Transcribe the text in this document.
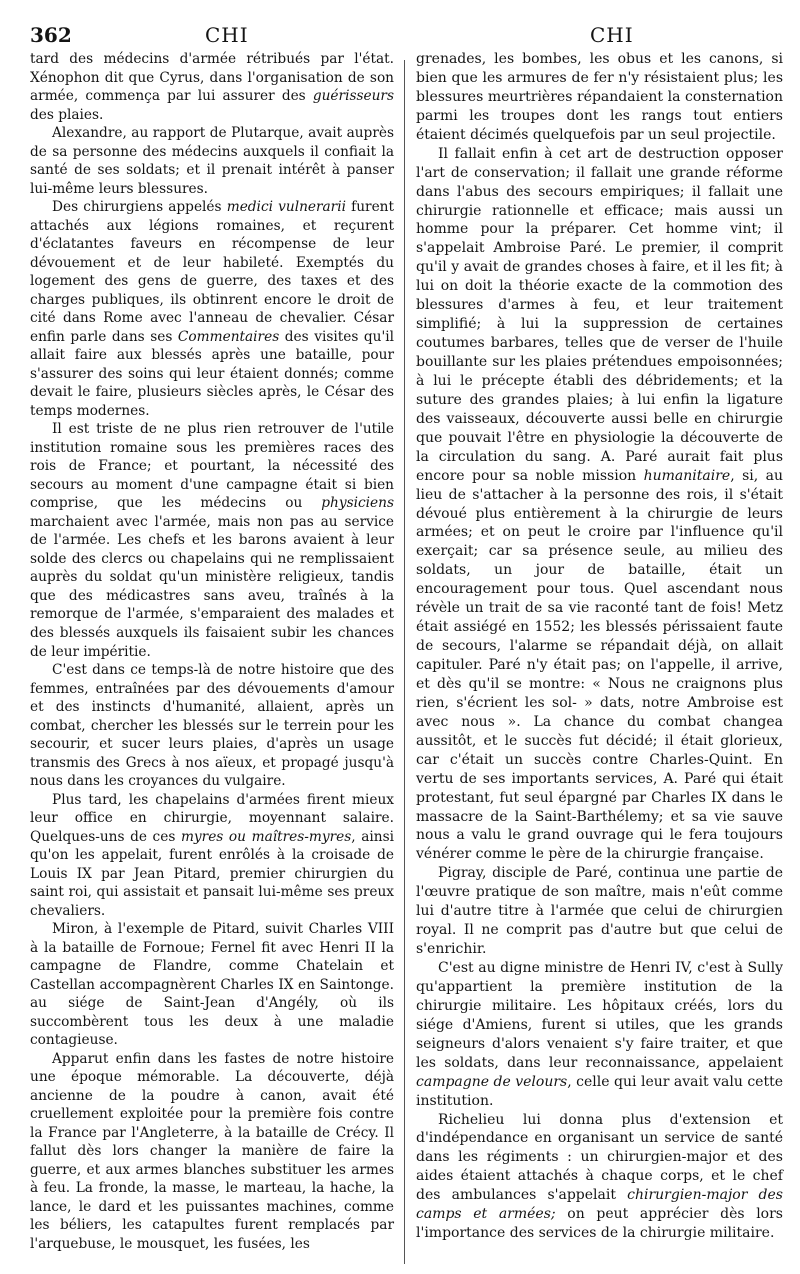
362	CHI	CHI

tard des médecins d'armée rétribués par l'état. Xénophon dit que Cyrus, dans l'organisation de son armée, commença par lui assurer des guérisseurs des plaies.

Alexandre, au rapport de Plutarque, avait auprès de sa personne des médecins auxquels il confiait la santé de ses soldats; et il prenait intérêt à panser lui-même leurs blessures.

Des chirurgiens appelés medici vulnerarii furent attachés aux légions romaines, et reçurent d'éclatantes faveurs en récompense de leur dévouement et de leur habileté. Exemptés du logement des gens de guerre, des taxes et des charges publiques, ils obtinrent encore le droit de cité dans Rome avec l'anneau de chevalier. César enfin parle dans ses Commentaires des visites qu'il allait faire aux blessés après une bataille, pour s'assurer des soins qui leur étaient donnés; comme devait le faire, plusieurs siècles après, le César des temps modernes.

Il est triste de ne plus rien retrouver de l'utile institution romaine sous les premières races des rois de France; et pourtant, la nécessité des secours au moment d'une campagne était si bien comprise, que les médecins ou physiciens marchaient avec l'armée, mais non pas au service de l'armée. Les chefs et les barons avaient à leur solde des clercs ou chapelains qui ne remplissaient auprès du soldat qu'un ministère religieux, tandis que des médicastres sans aveu, traînés à la remorque de l'armée, s'emparaient des malades et des blessés auxquels ils faisaient subir les chances de leur impéritie.

C'est dans ce temps-là de notre histoire que des femmes, entraînées par des dévouements d'amour et des instincts d'humanité, allaient, après un combat, chercher les blessés sur le terrein pour les secourir, et sucer leurs plaies, d'après un usage transmis des Grecs à nos aïeux, et propagé jusqu'à nous dans les croyances du vulgaire.

Plus tard, les chapelains d'armées firent mieux leur office en chirurgie, moyennant salaire. Quelques-uns de ces myres ou maîtres-myres, ainsi qu'on les appelait, furent enrôlés à la croisade de Louis IX par Jean Pitard, premier chirurgien du saint roi, qui assistait et pansait lui-même ses preux chevaliers.

Miron, à l'exemple de Pitard, suivit Charles VIII à la bataille de Fornoue; Fernel fit avec Henri II la campagne de Flandre, comme Chatelain et Castellan accompagnèrent Charles IX en Saintonge. au siége de Saint-Jean d'Angély, où ils succombèrent tous les deux à une maladie contagieuse.

Apparut enfin dans les fastes de notre histoire une époque mémorable. La découverte, déjà ancienne de la poudre à canon, avait été cruellement exploitée pour la première fois contre la France par l'Angleterre, à la bataille de Crécy. Il fallut dès lors changer la manière de faire la guerre, et aux armes blanches substituer les armes à feu. La fronde, la masse, le marteau, la hache, la lance, le dard et les puissantes machines, comme les béliers, les catapultes furent remplacés par l'arquebuse, le mousquet, les fusées, les

grenades, les bombes, les obus et les canons, si bien que les armures de fer n'y résistaient plus; les blessures meurtrières répandaient la consternation parmi les troupes dont les rangs tout entiers étaient décimés quelquefois par un seul projectile.

Il fallait enfin à cet art de destruction opposer l'art de conservation; il fallait une grande réforme dans l'abus des secours empiriques; il fallait une chirurgie rationnelle et efficace; mais aussi un homme pour la préparer. Cet homme vint; il s'appelait Ambroise Paré. Le premier, il comprit qu'il y avait de grandes choses à faire, et il les fit; à lui on doit la théorie exacte de la commotion des blessures d'armes à feu, et leur traitement simplifié; à lui la suppression de certaines coutumes barbares, telles que de verser de l'huile bouillante sur les plaies prétendues empoisonnées; à lui le précepte établi des débridements; et la suture des grandes plaies; à lui enfin la ligature des vaisseaux, découverte aussi belle en chirurgie que pouvait l'être en physiologie la découverte de la circulation du sang. A. Paré aurait fait plus encore pour sa noble mission humanitaire, si, au lieu de s'attacher à la personne des rois, il s'était dévoué plus entièrement à la chirurgie de leurs armées; et on peut le croire par l'influence qu'il exerçait; car sa présence seule, au milieu des soldats, un jour de bataille, était un encouragement pour tous. Quel ascendant nous révèle un trait de sa vie raconté tant de fois! Metz était assiégé en 1552; les blessés périssaient faute de secours, l'alarme se répandait déjà, on allait capituler. Paré n'y était pas; on l'appelle, il arrive, et dès qu'il se montre: « Nous ne craignons plus rien, s'écrient les sol- » dats, notre Ambroise est avec nous ». La chance du combat changea aussitôt, et le succès fut décidé; il était glorieux, car c'était un succès contre Charles-Quint. En vertu de ses importants services, A. Paré qui était protestant, fut seul épargné par Charles IX dans le massacre de la Saint-Barthélemy; et sa vie sauve nous a valu le grand ouvrage qui le fera toujours vénérer comme le père de la chirurgie française.

Pigray, disciple de Paré, continua une partie de l'œuvre pratique de son maître, mais n'eût comme lui d'autre titre à l'armée que celui de chirurgien royal. Il ne comprit pas d'autre but que celui de s'enrichir.

C'est au digne ministre de Henri IV, c'est à Sully qu'appartient la première institution de la chirurgie militaire. Les hôpitaux créés, lors du siége d'Amiens, furent si utiles, que les grands seigneurs d'alors venaient s'y faire traiter, et que les soldats, dans leur reconnaissance, appelaient campagne de velours, celle qui leur avait valu cette institution.

Richelieu lui donna plus d'extension et d'indépendance en organisant un service de santé dans les régiments : un chirurgien-major et des aides étaient attachés à chaque corps, et le chef des ambulances s'appelait chirurgien-major des camps et armées; on peut apprécier dès lors l'importance des services de la chirurgie militaire.
